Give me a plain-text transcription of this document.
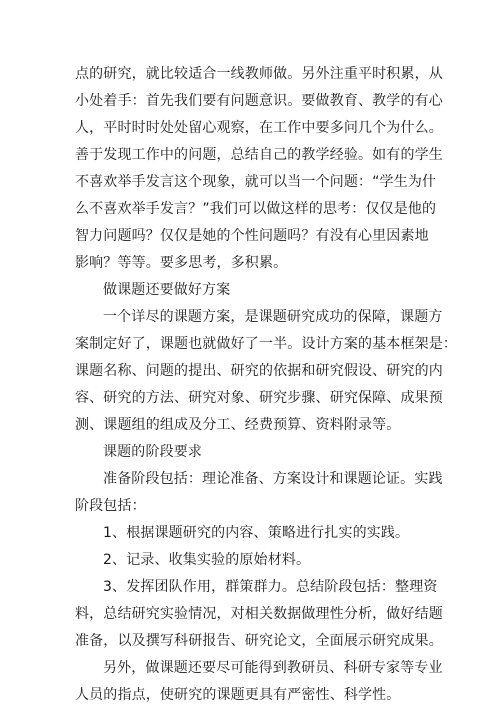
点的研究，就比较适合一线教师做。另外注重平时积累，从
小处着手：首先我们要有问题意识。要做教育、教学的有心
人，平时时时处处留心观察，在工作中要多问几个为什么。
善于发现工作中的问题，总结自己的教学经验。如有的学生
不喜欢举手发言这个现象，就可以当一个问题：“学生为什
么不喜欢举手发言？”我们可以做这样的思考：仅仅是他的
智力问题吗？仅仅是她的个性问题吗？有没有心里因素地
影响？等等。要多思考，多积累。
做课题还要做好方案
一个详尽的课题方案，是课题研究成功的保障，课题方
案制定好了，课题也就做好了一半。设计方案的基本框架是：
课题名称、问题的提出、研究的依据和研究假设、研究的内
容、研究的方法、研究对象、研究步骤、研究保障、成果预
测、课题组的组成及分工、经费预算、资料附录等。
课题的阶段要求
准备阶段包括：理论准备、方案设计和课题论证。实践
阶段包括：
1、根据课题研究的内容、策略进行扎实的实践。
2、记录、收集实验的原始材料。
3、发挥团队作用，群策群力。总结阶段包括：整理资
料，总结研究实验情况，对相关数据做理性分析，做好结题
准备，以及撰写科研报告、研究论文，全面展示研究成果。
另外，做课题还要尽可能得到教研员、科研专家等专业
人员的指点，使研究的课题更具有严密性、科学性。
